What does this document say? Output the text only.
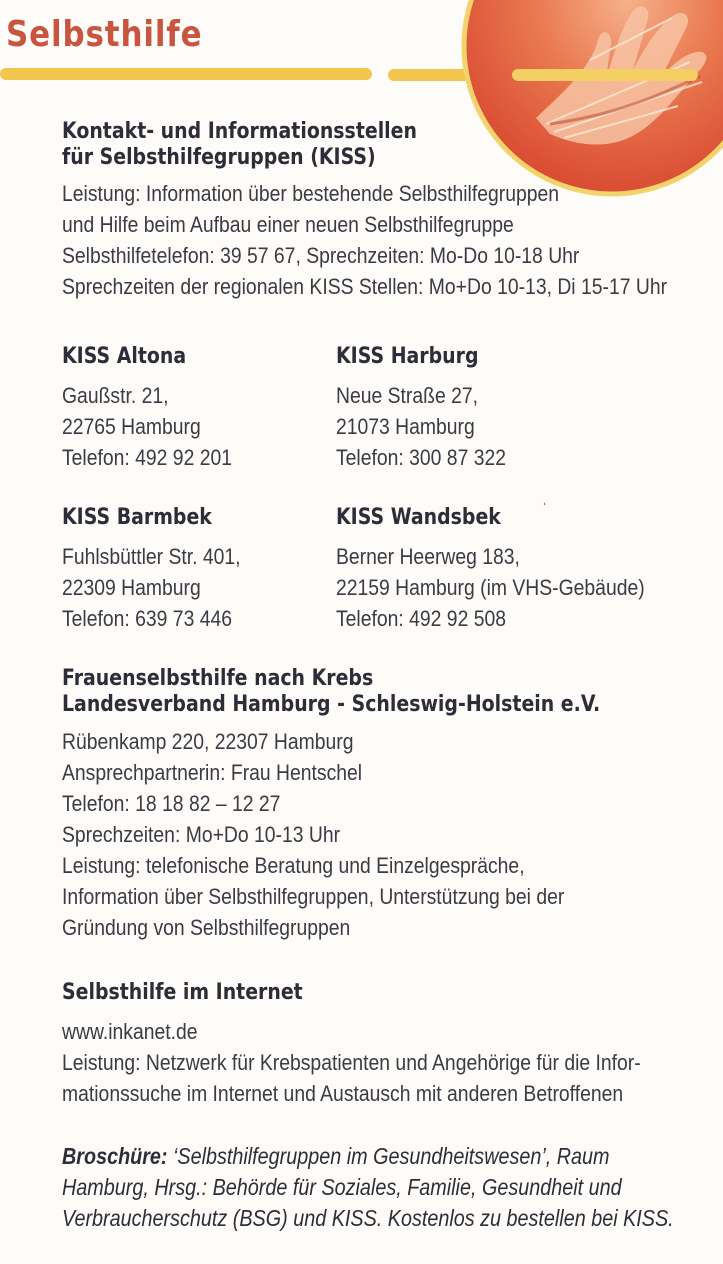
Selbsthilfe
Kontakt- und Informationsstellen
für Selbsthilfegruppen (KISS)
Leistung: Information über bestehende Selbsthilfegruppen
und Hilfe beim Aufbau einer neuen Selbsthilfegruppe
Selbsthilfetelefon: 39 57 67, Sprechzeiten: Mo-Do 10-18 Uhr
Sprechzeiten der regionalen KISS Stellen: Mo+Do 10-13, Di 15-17 Uhr
KISS Altona
Gaußstr. 21,
22765 Hamburg
Telefon: 492 92 201
KISS Harburg
Neue Straße 27,
21073 Hamburg
Telefon: 300 87 322
KISS Barmbek
Fuhlsbüttler Str. 401,
22309 Hamburg
Telefon: 639 73 446
KISS Wandsbek
Berner Heerweg 183,
22159 Hamburg (im VHS-Gebäude)
Telefon: 492 92 508
ˈ
Frauenselbsthilfe nach Krebs
Landesverband Hamburg - Schleswig-Holstein e.V.
Rübenkamp 220, 22307 Hamburg
Ansprechpartnerin: Frau Hentschel
Telefon: 18 18 82 – 12 27
Sprechzeiten: Mo+Do 10-13 Uhr
Leistung: telefonische Beratung und Einzelgespräche,
Information über Selbsthilfegruppen, Unterstützung bei der
Gründung von Selbsthilfegruppen
Selbsthilfe im Internet
www.inkanet.de
Leistung: Netzwerk für Krebspatienten und Angehörige für die Infor-
mationssuche im Internet und Austausch mit anderen Betroffenen
Broschüre: ‘Selbsthilfegruppen im Gesundheitswesen’, Raum
Hamburg, Hrsg.: Behörde für Soziales, Familie, Gesundheit und
Verbraucherschutz (BSG) und KISS. Kostenlos zu bestellen bei KISS.
